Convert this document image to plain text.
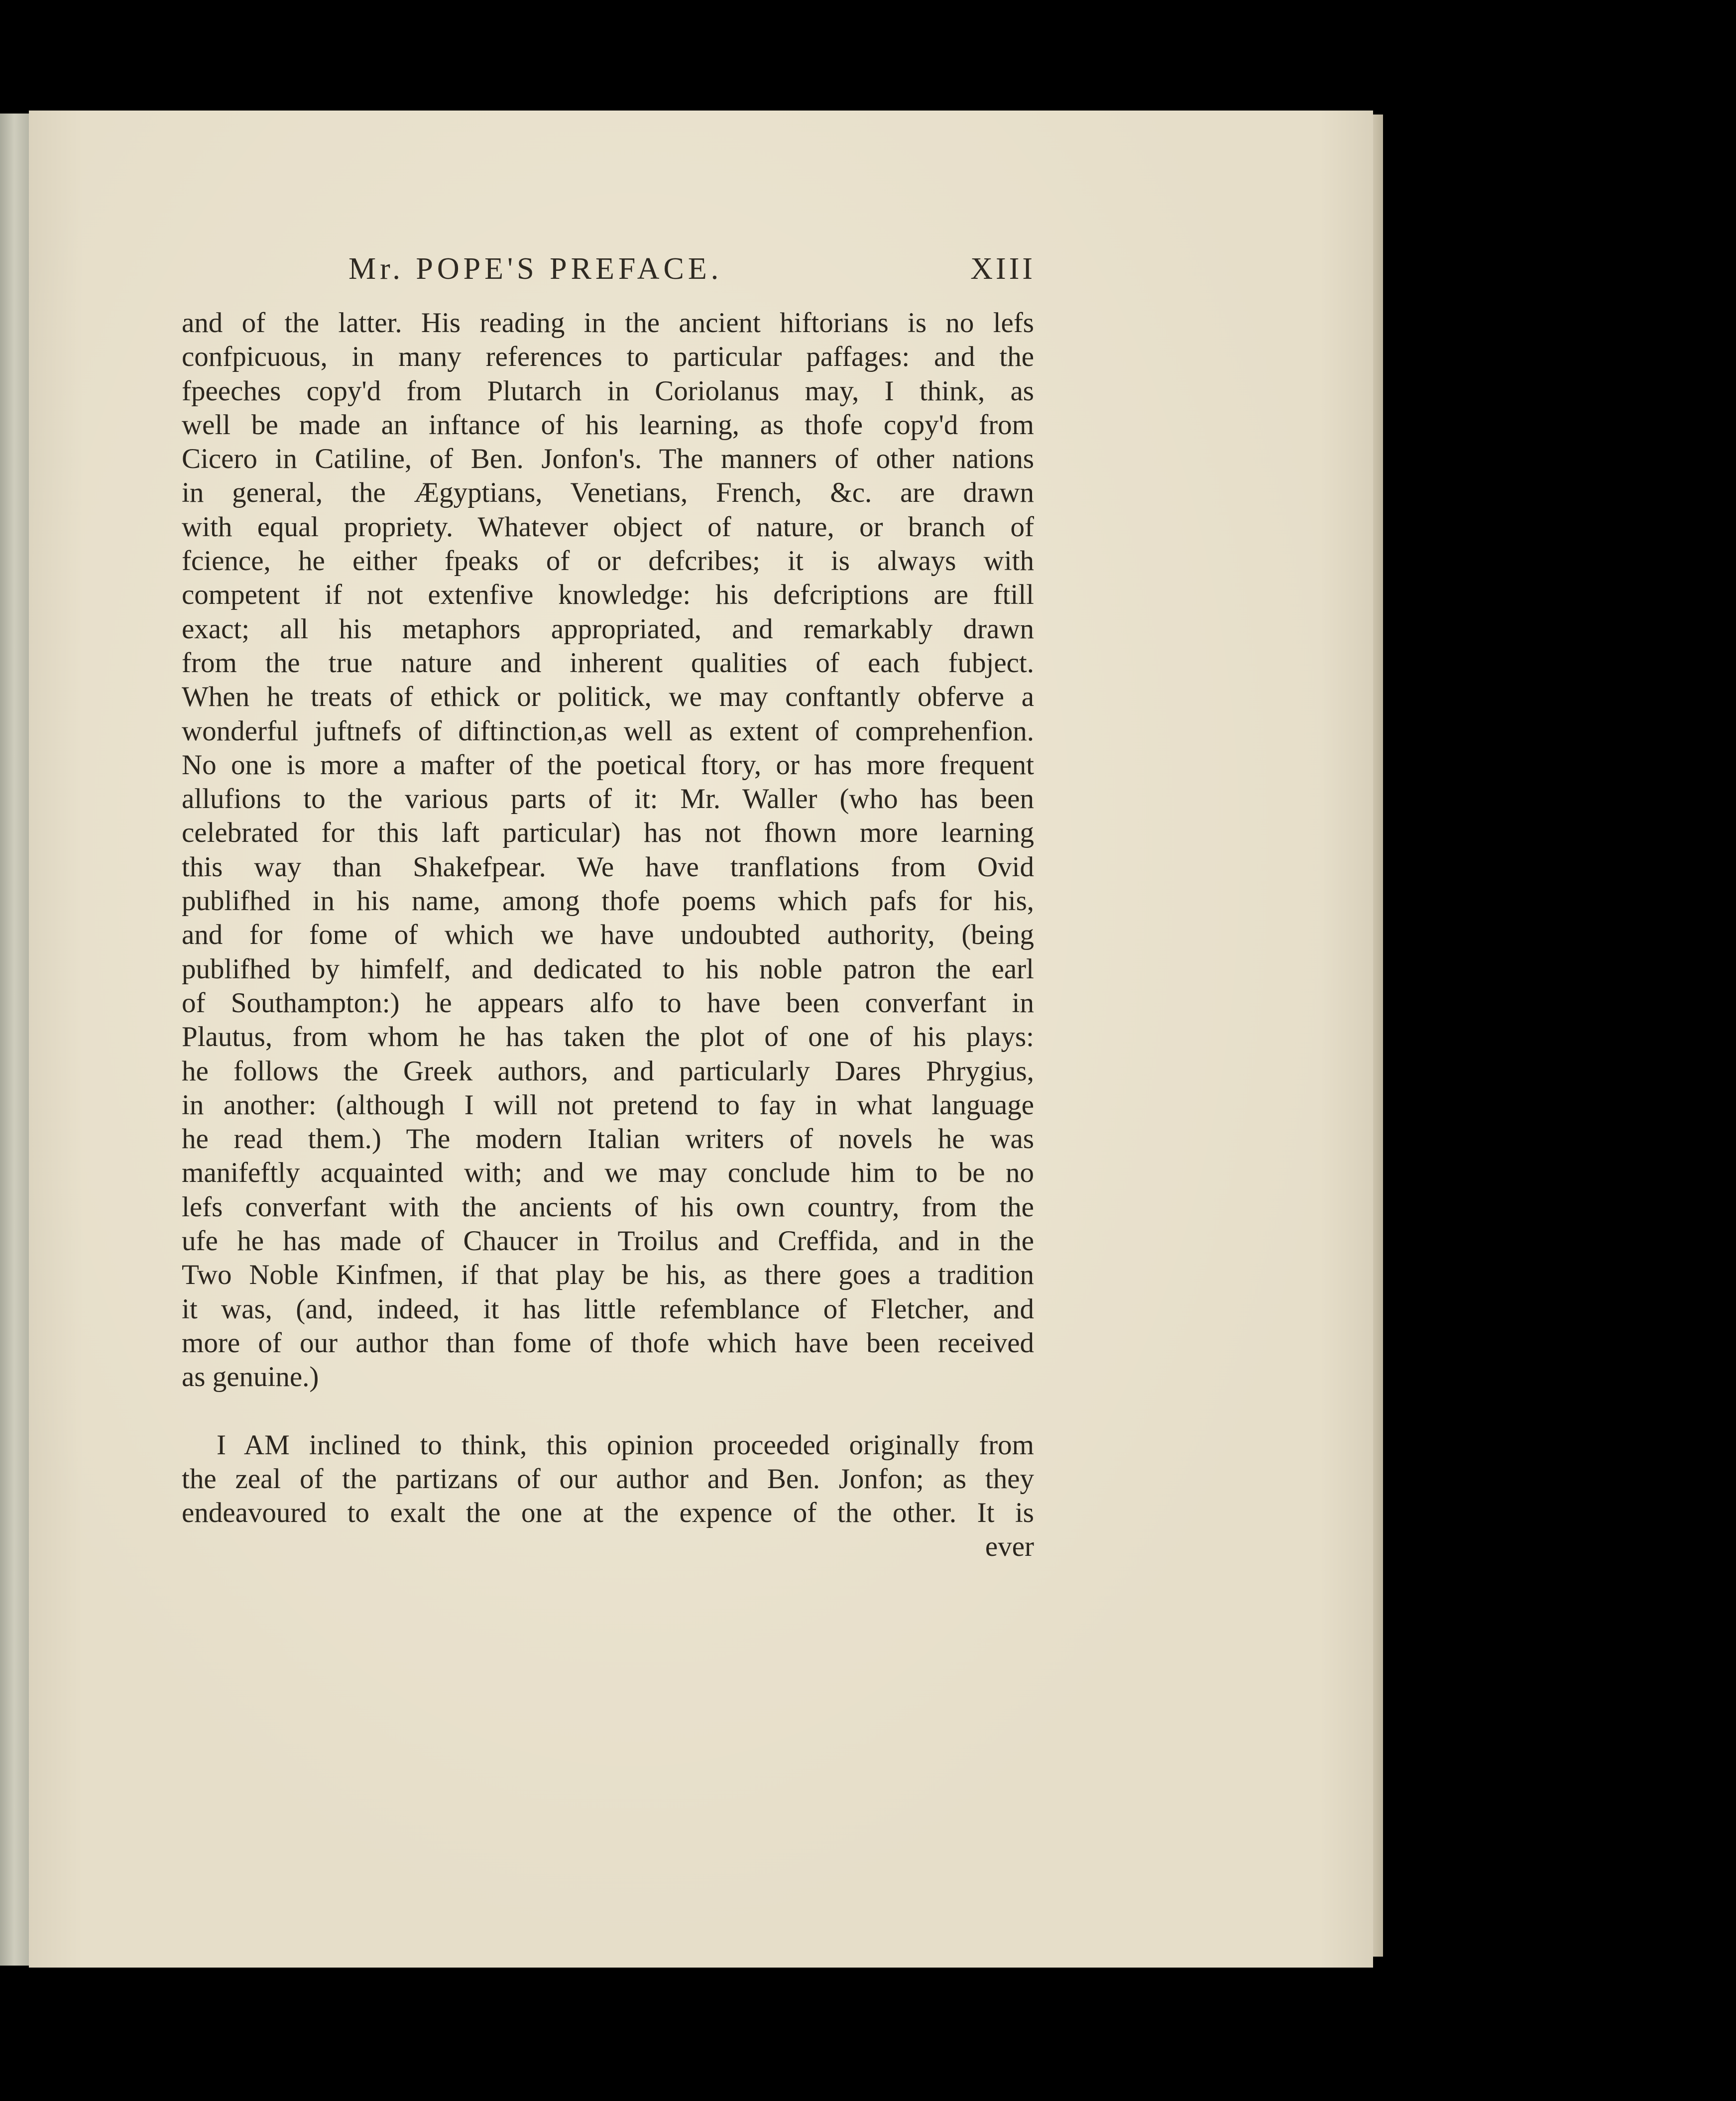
Mr. POPE'S PREFACE.	XIII
and of the latter. His reading in the ancient hiftorians is no lefs
confpicuous, in many references to particular paffages: and the
fpeeches copy'd from Plutarch in Coriolanus may, I think, as
well be made an inftance of his learning, as thofe copy'd from
Cicero in Catiline, of Ben. Jonfon's. The manners of other nations
in general, the Ægyptians, Venetians, French, &c. are drawn
with equal propriety. Whatever object of nature, or branch of
fcience, he either fpeaks of or defcribes; it is always with
competent if not extenfive knowledge: his defcriptions are ftill
exact; all his metaphors appropriated, and remarkably drawn
from the true nature and inherent qualities of each fubject.
When he treats of ethick or politick, we may conftantly obferve a
wonderful juftnefs of diftinction,as well as extent of comprehenfion.
No one is more a mafter of the poetical ftory, or has more frequent
allufions to the various parts of it: Mr. Waller (who has been
celebrated for this laft particular) has not fhown more learning
this way than Shakefpear. We have tranflations from Ovid
publifhed in his name, among thofe poems which pafs for his,
and for fome of which we have undoubted authority, (being
publifhed by himfelf, and dedicated to his noble patron the earl
of Southampton:) he appears alfo to have been converfant in
Plautus, from whom he has taken the plot of one of his plays:
he follows the Greek authors, and particularly Dares Phrygius,
in another: (although I will not pretend to fay in what language
he read them.) The modern Italian writers of novels he was
manifeftly acquainted with; and we may conclude him to be no
lefs converfant with the ancients of his own country, from the
ufe he has made of Chaucer in Troilus and Creffida, and in the
Two Noble Kinfmen, if that play be his, as there goes a tradition
it was, (and, indeed, it has little refemblance of Fletcher, and
more of our author than fome of thofe which have been received
as genuine.)
I AM inclined to think, this opinion proceeded originally from
the zeal of the partizans of our author and Ben. Jonfon; as they
endeavoured to exalt the one at the expence of the other. It is
ever
